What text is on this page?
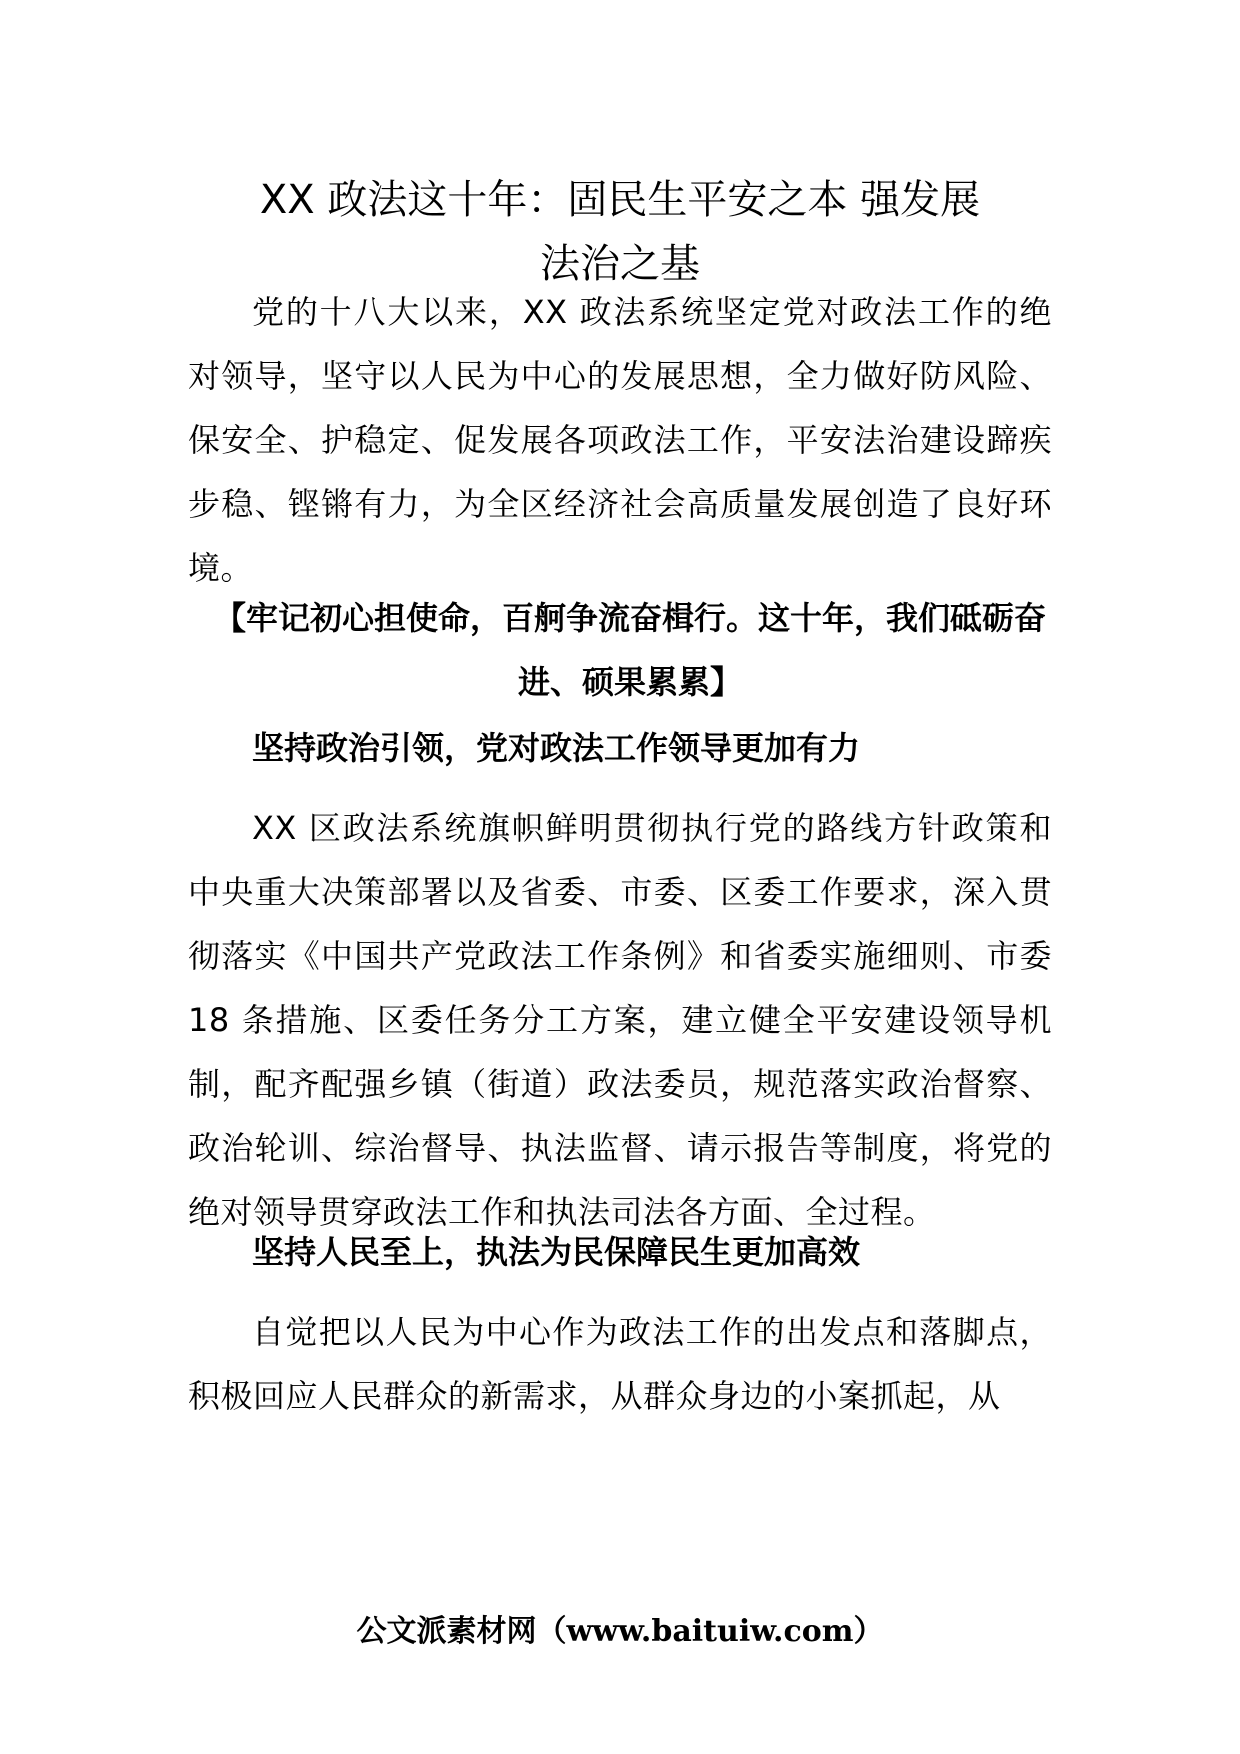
XX 政法这十年：固民生平安之本 强发展
法治之基

党的十八大以来，XX 政法系统坚定党对政法工作的绝对领导，坚守以人民为中心的发展思想，全力做好防风险、保安全、护稳定、促发展各项政法工作，平安法治建设蹄疾步稳、铿锵有力，为全区经济社会高质量发展创造了良好环境。

【牢记初心担使命，百舸争流奋楫行。这十年，我们砥砺奋进、硕果累累】

坚持政治引领，党对政法工作领导更加有力

XX 区政法系统旗帜鲜明贯彻执行党的路线方针政策和中央重大决策部署以及省委、市委、区委工作要求，深入贯彻落实《中国共产党政法工作条例》和省委实施细则、市委 18 条措施、区委任务分工方案，建立健全平安建设领导机制，配齐配强乡镇（街道）政法委员，规范落实政治督察、政治轮训、综治督导、执法监督、请示报告等制度，将党的绝对领导贯穿政法工作和执法司法各方面、全过程。

坚持人民至上，执法为民保障民生更加高效

自觉把以人民为中心作为政法工作的出发点和落脚点，积极回应人民群众的新需求，从群众身边的小案抓起，从

公文派素材网（www.baituiw.com）
